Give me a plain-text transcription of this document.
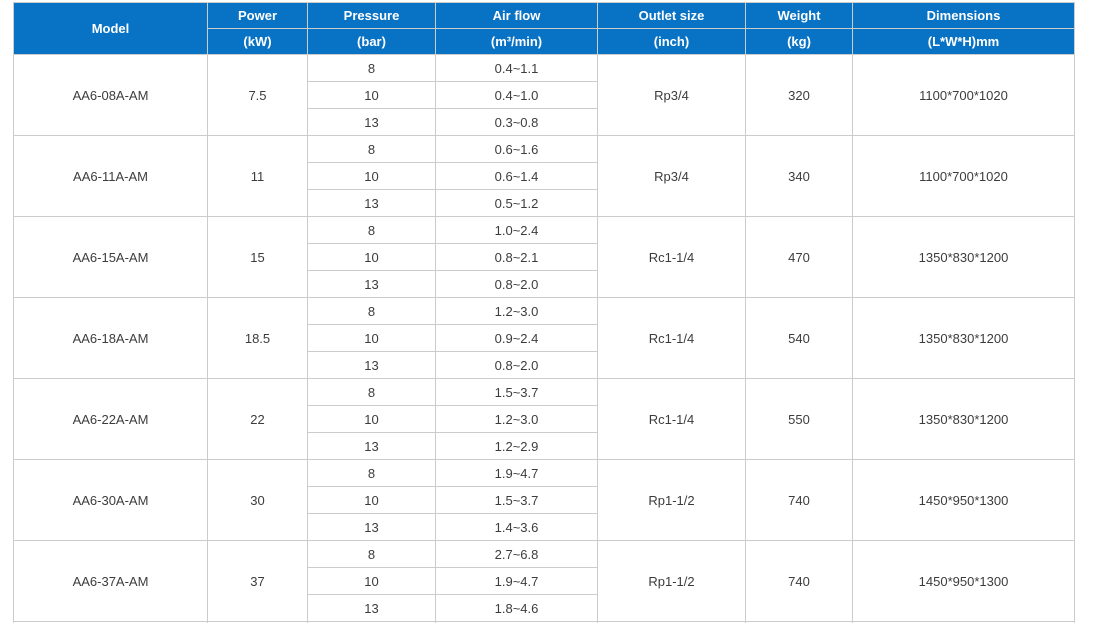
Model	Power	Pressure	Air flow	Outlet size	Weight	Dimensions
	(kW)	(bar)	(m³/min)	(inch)	(kg)	(L*W*H)mm
AA6-08A-AM	7.5	8	0.4~1.1	Rp3/4	320	1100*700*1020
		10	0.4~1.0			
		13	0.3~0.8			
AA6-11A-AM	11	8	0.6~1.6	Rp3/4	340	1100*700*1020
		10	0.6~1.4			
		13	0.5~1.2			
AA6-15A-AM	15	8	1.0~2.4	Rc1-1/4	470	1350*830*1200
		10	0.8~2.1			
		13	0.8~2.0			
AA6-18A-AM	18.5	8	1.2~3.0	Rc1-1/4	540	1350*830*1200
		10	0.9~2.4			
		13	0.8~2.0			
AA6-22A-AM	22	8	1.5~3.7	Rc1-1/4	550	1350*830*1200
		10	1.2~3.0			
		13	1.2~2.9			
AA6-30A-AM	30	8	1.9~4.7	Rp1-1/2	740	1450*950*1300
		10	1.5~3.7			
		13	1.4~3.6			
AA6-37A-AM	37	8	2.7~6.8	Rp1-1/2	740	1450*950*1300
		10	1.9~4.7			
		13	1.8~4.6			
